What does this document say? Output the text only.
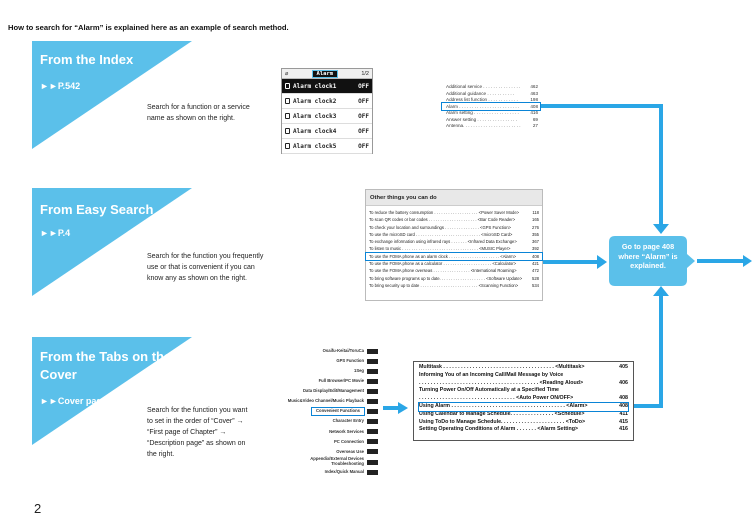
How to search for “Alarm” is explained here as an example of search method.
From the Index
►►P.542
Search for a function or a service name as shown on the right.
From Easy Search
►►P.4
Search for the function you frequently use or that is convenient if you can know any as shown on the right.
From the Tabs on the Cover
►►Cover page
Search for the function you want to set in the order of “Cover” → “First page of Chapter” → “Description page” as shown on the right.
⌀	Alarm	1/2
Alarm clock1	OFF
Alarm clock2	OFF
Alarm clock3	OFF
Alarm clock4	OFF
Alarm clock5	OFF
Additional service . . . . . . . . . . . . . . .	462
Additional guidance . . . . . . . . . . .	463
Address list function . . . . . . . . . . . .	198
Alarm . . . . . . . . . . . . . . . . . . . . . . . .	408
Alarm setting . . . . . . . . . . . . . . . . . .	416
Answer setting . . . . . . . . . . . . . . . .	69
Antenna. . . . . . . . . . . . . . . . . . . . . . .	27
Other things you can do
To reduce the battery consumption . . . . . . . . . . . . . . . . . . . <Power Saver Mode>	118
To scan QR codes or bar codes . . . . . . . . . . . . . . . . . . . . . <Bar Code Reader>	165
To check your location and surroundings . . . . . . . . . . . . . . . <GPS Function>	276
To use the microSD card . . . . . . . . . . . . . . . . . . . . . . . . . . . . <microSD Card>	355
To exchange information using infrared rays . . . . . . . <Infrared Data Exchange>	367
To listen to music . . . . . . . . . . . . . . . . . . . . . . . . . . . . . . . . . <MUSIC Player>	392
To use the FOMA phone as an alarm clock . . . . . . . . . . . . . . . . . . . . . . <Alarm>	408
To use the FOMA phone as a calculator . . . . . . . . . . . . . . . . . . . . . <Calculator>	421
To use the FOMA phone overseas . . . . . . . . . . . . . . . . <International Roaming>	472
To bring software programs up to date. . . . . . . . . . . . . . . . . . . . <Software Update>	528
To bring security up to date . . . . . . . . . . . . . . . . . . . . . . . . . <Scanning Function>	534
Osaifu-Keitai/ToruCa
GPS Function
1Seg
Full Browser/PC Movie
Data Display/Edit/Management
Music&Video Channel/Music Playback
Convenient Functions
Character Entry
Network Services
PC Connection
Overseas Use
Appendix/External Devices Troubleshooting
Index/Quick Manual
Multitask . . . . . . . . . . . . . . . . . . . . . . . . . . . . . . . . . . . . . . <Multitask>	405
Informing You of an Incoming Call/Mail Message by Voice
. . . . . . . . . . . . . . . . . . . . . . . . . . . . . . . . . . . . . . . . . <Reading Aloud>	406
Turning Power On/Off Automatically at a Specified Time
. . . . . . . . . . . . . . . . . . . . . . . . . . . . . . . . . <Auto Power ON/OFF>	408
Using Alarm . . . . . . . . . . . . . . . . . . . . . . . . . . . . . . . . . . . . . . . <Alarm>	408
Using Calendar to Manage Schedule. . . . . . . . . . . . . . . <Schedule>	411
Using ToDo to Manage Schedule. . . . . . . . . . . . . . . . . . . . . . <ToDo>	415
Setting Operating Conditions of Alarm . . . . . . . <Alarm Setting>	416
Go to page 408 where “Alarm” is explained.
2
